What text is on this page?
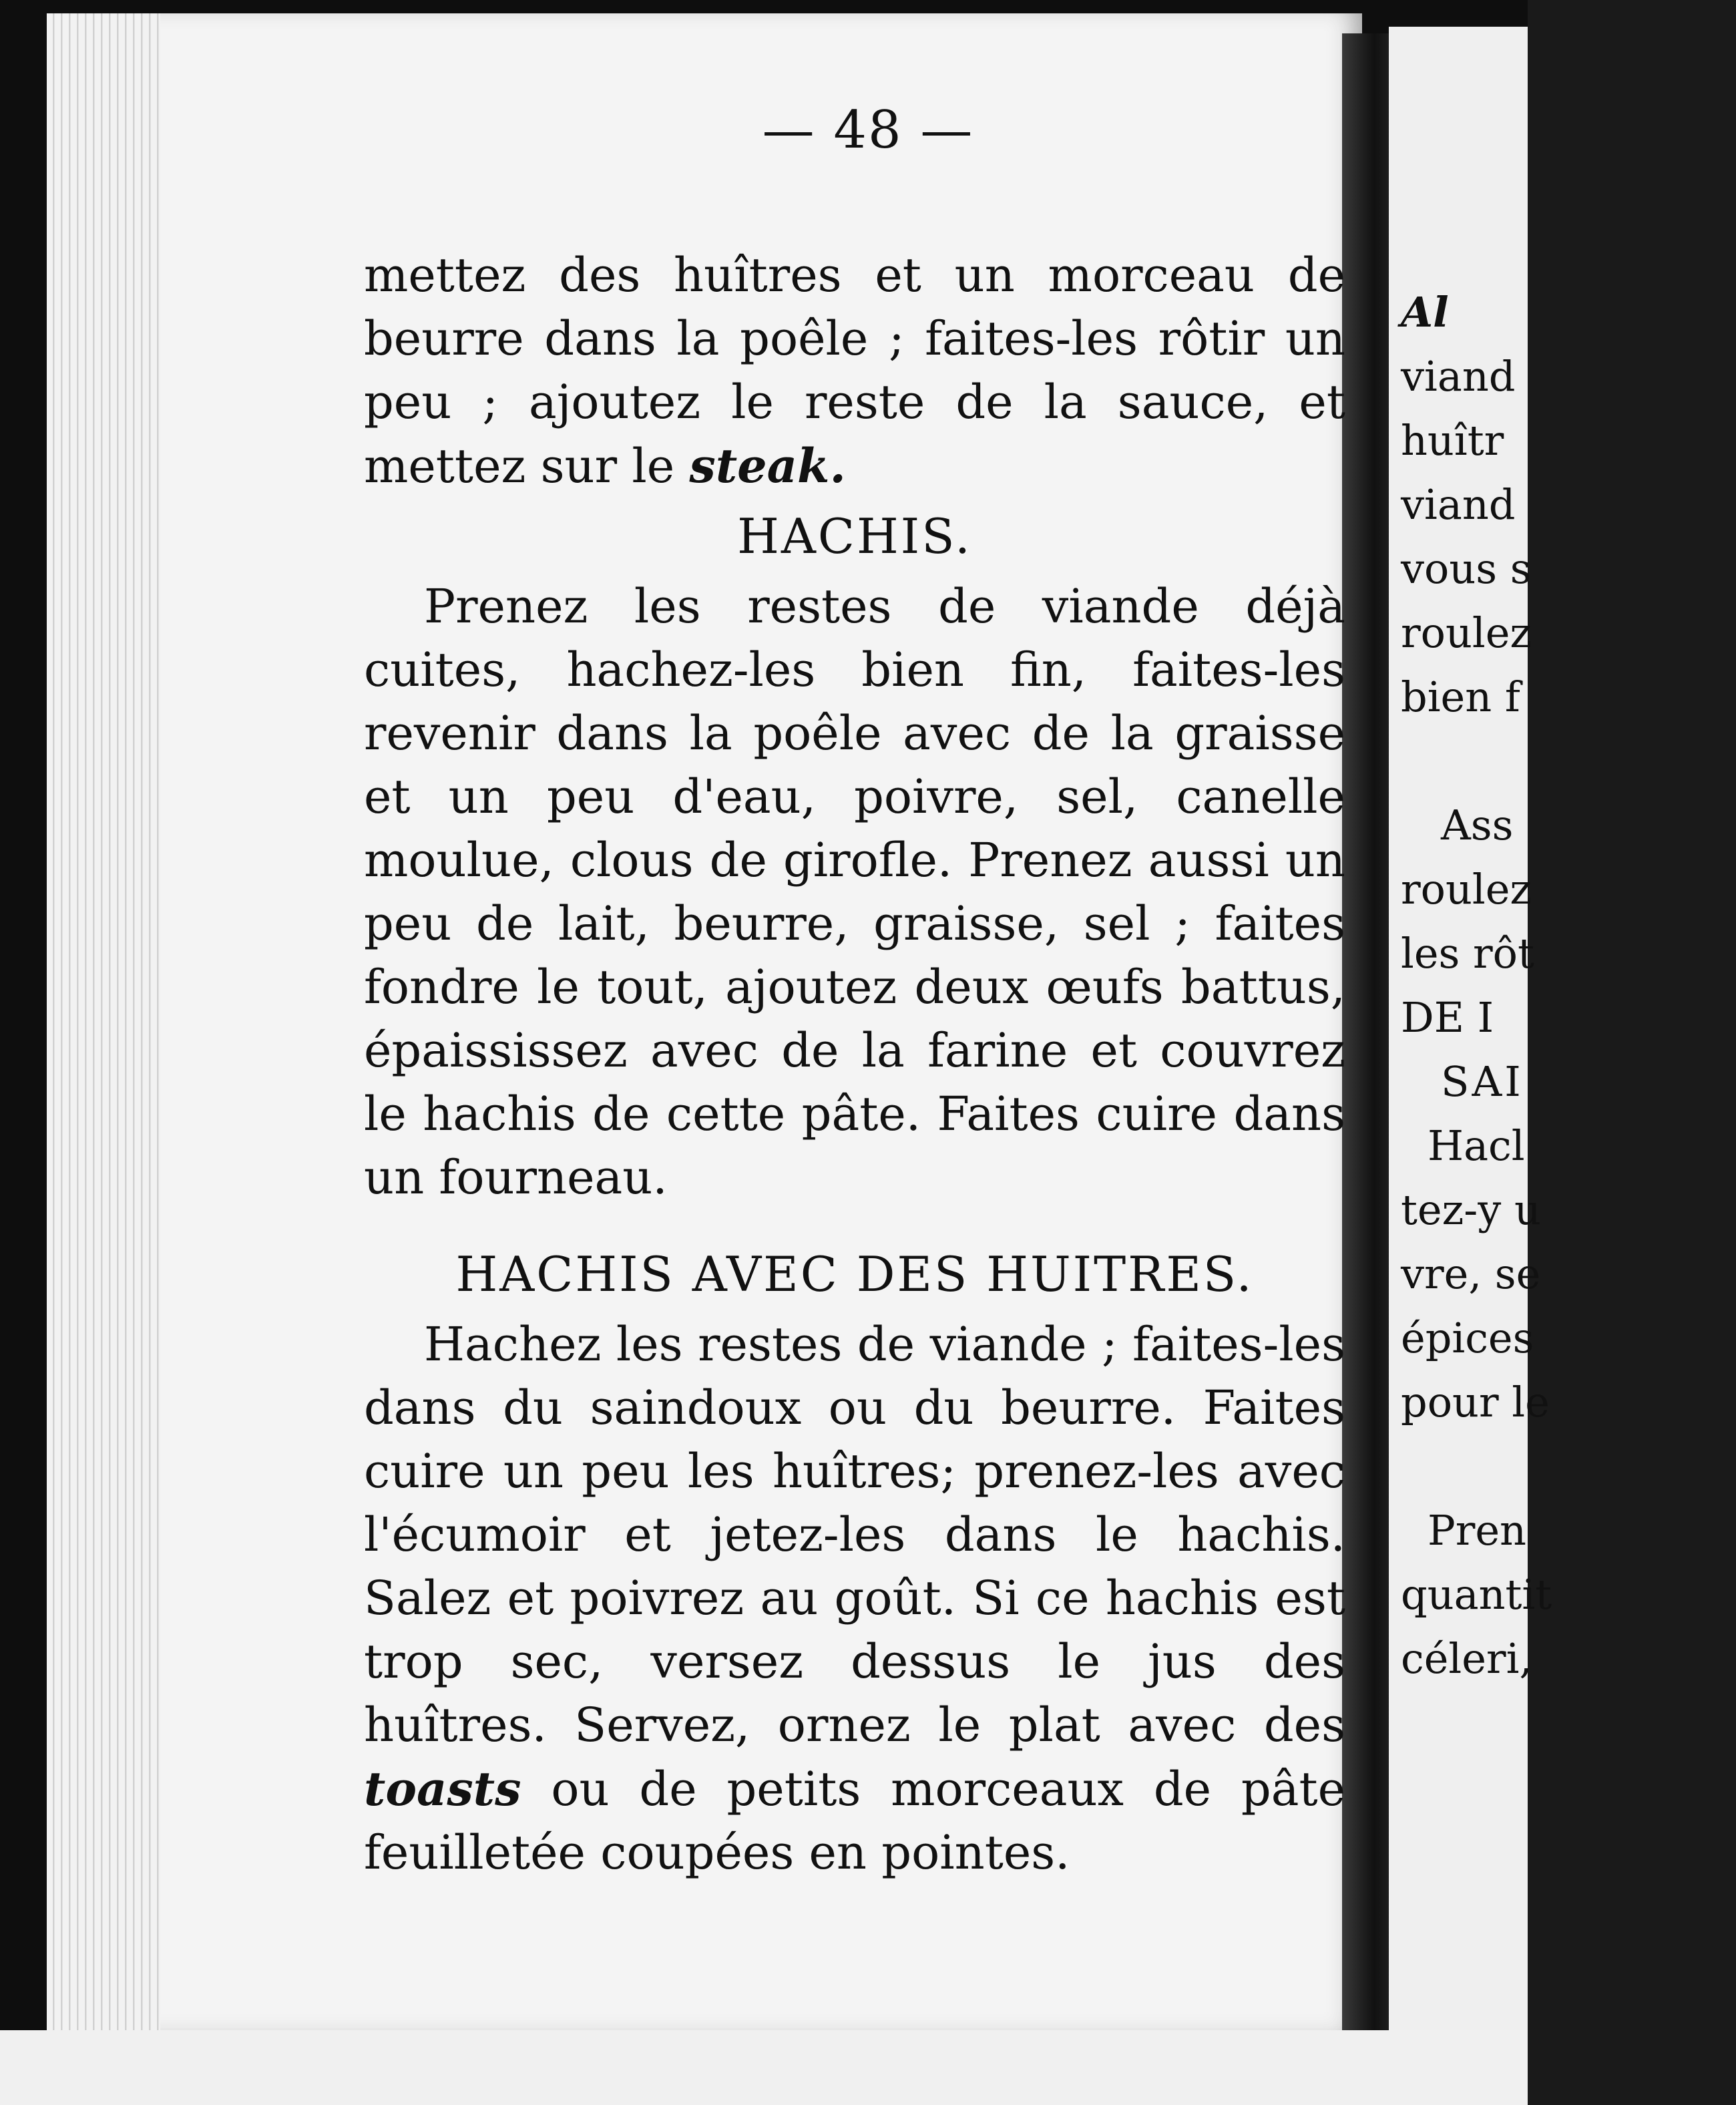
— 48 —

mettez des huîtres et un morceau de beurre dans la poêle ; faites-les rôtir un peu ; ajoutez le reste de la sauce, et mettez sur le steak.

HACHIS.

Prenez les restes de viande déjà cuites, hachez-les bien fin, faites-les revenir dans la poêle avec de la graisse et un peu d'eau, poivre, sel, canelle moulue, clous de girofle. Prenez aussi un peu de lait, beurre, graisse, sel ; faites fondre le tout, ajoutez deux œufs battus, épaississez avec de la farine et couvrez le hachis de cette pâte. Faites cuire dans un fourneau.

HACHIS AVEC DES HUITRES.

Hachez les restes de viande ; faites-les dans du saindoux ou du beurre. Faites cuire un peu les huîtres; prenez-les avec l'écumoir et jetez-les dans le hachis. Salez et poivrez au goût. Si ce hachis est trop sec, versez dessus le jus des huîtres. Servez, ornez le plat avec des toasts ou de petits morceaux de pâte feuilletée coupées en pointes.

Al
viand
huîtr
viand
vous s
roulez
bien f
Ass
roulez
les rôt
DE I
SAI
Hacl
tez-y u
vre, se
épices
pour le
Pren
quantit
céleri,
